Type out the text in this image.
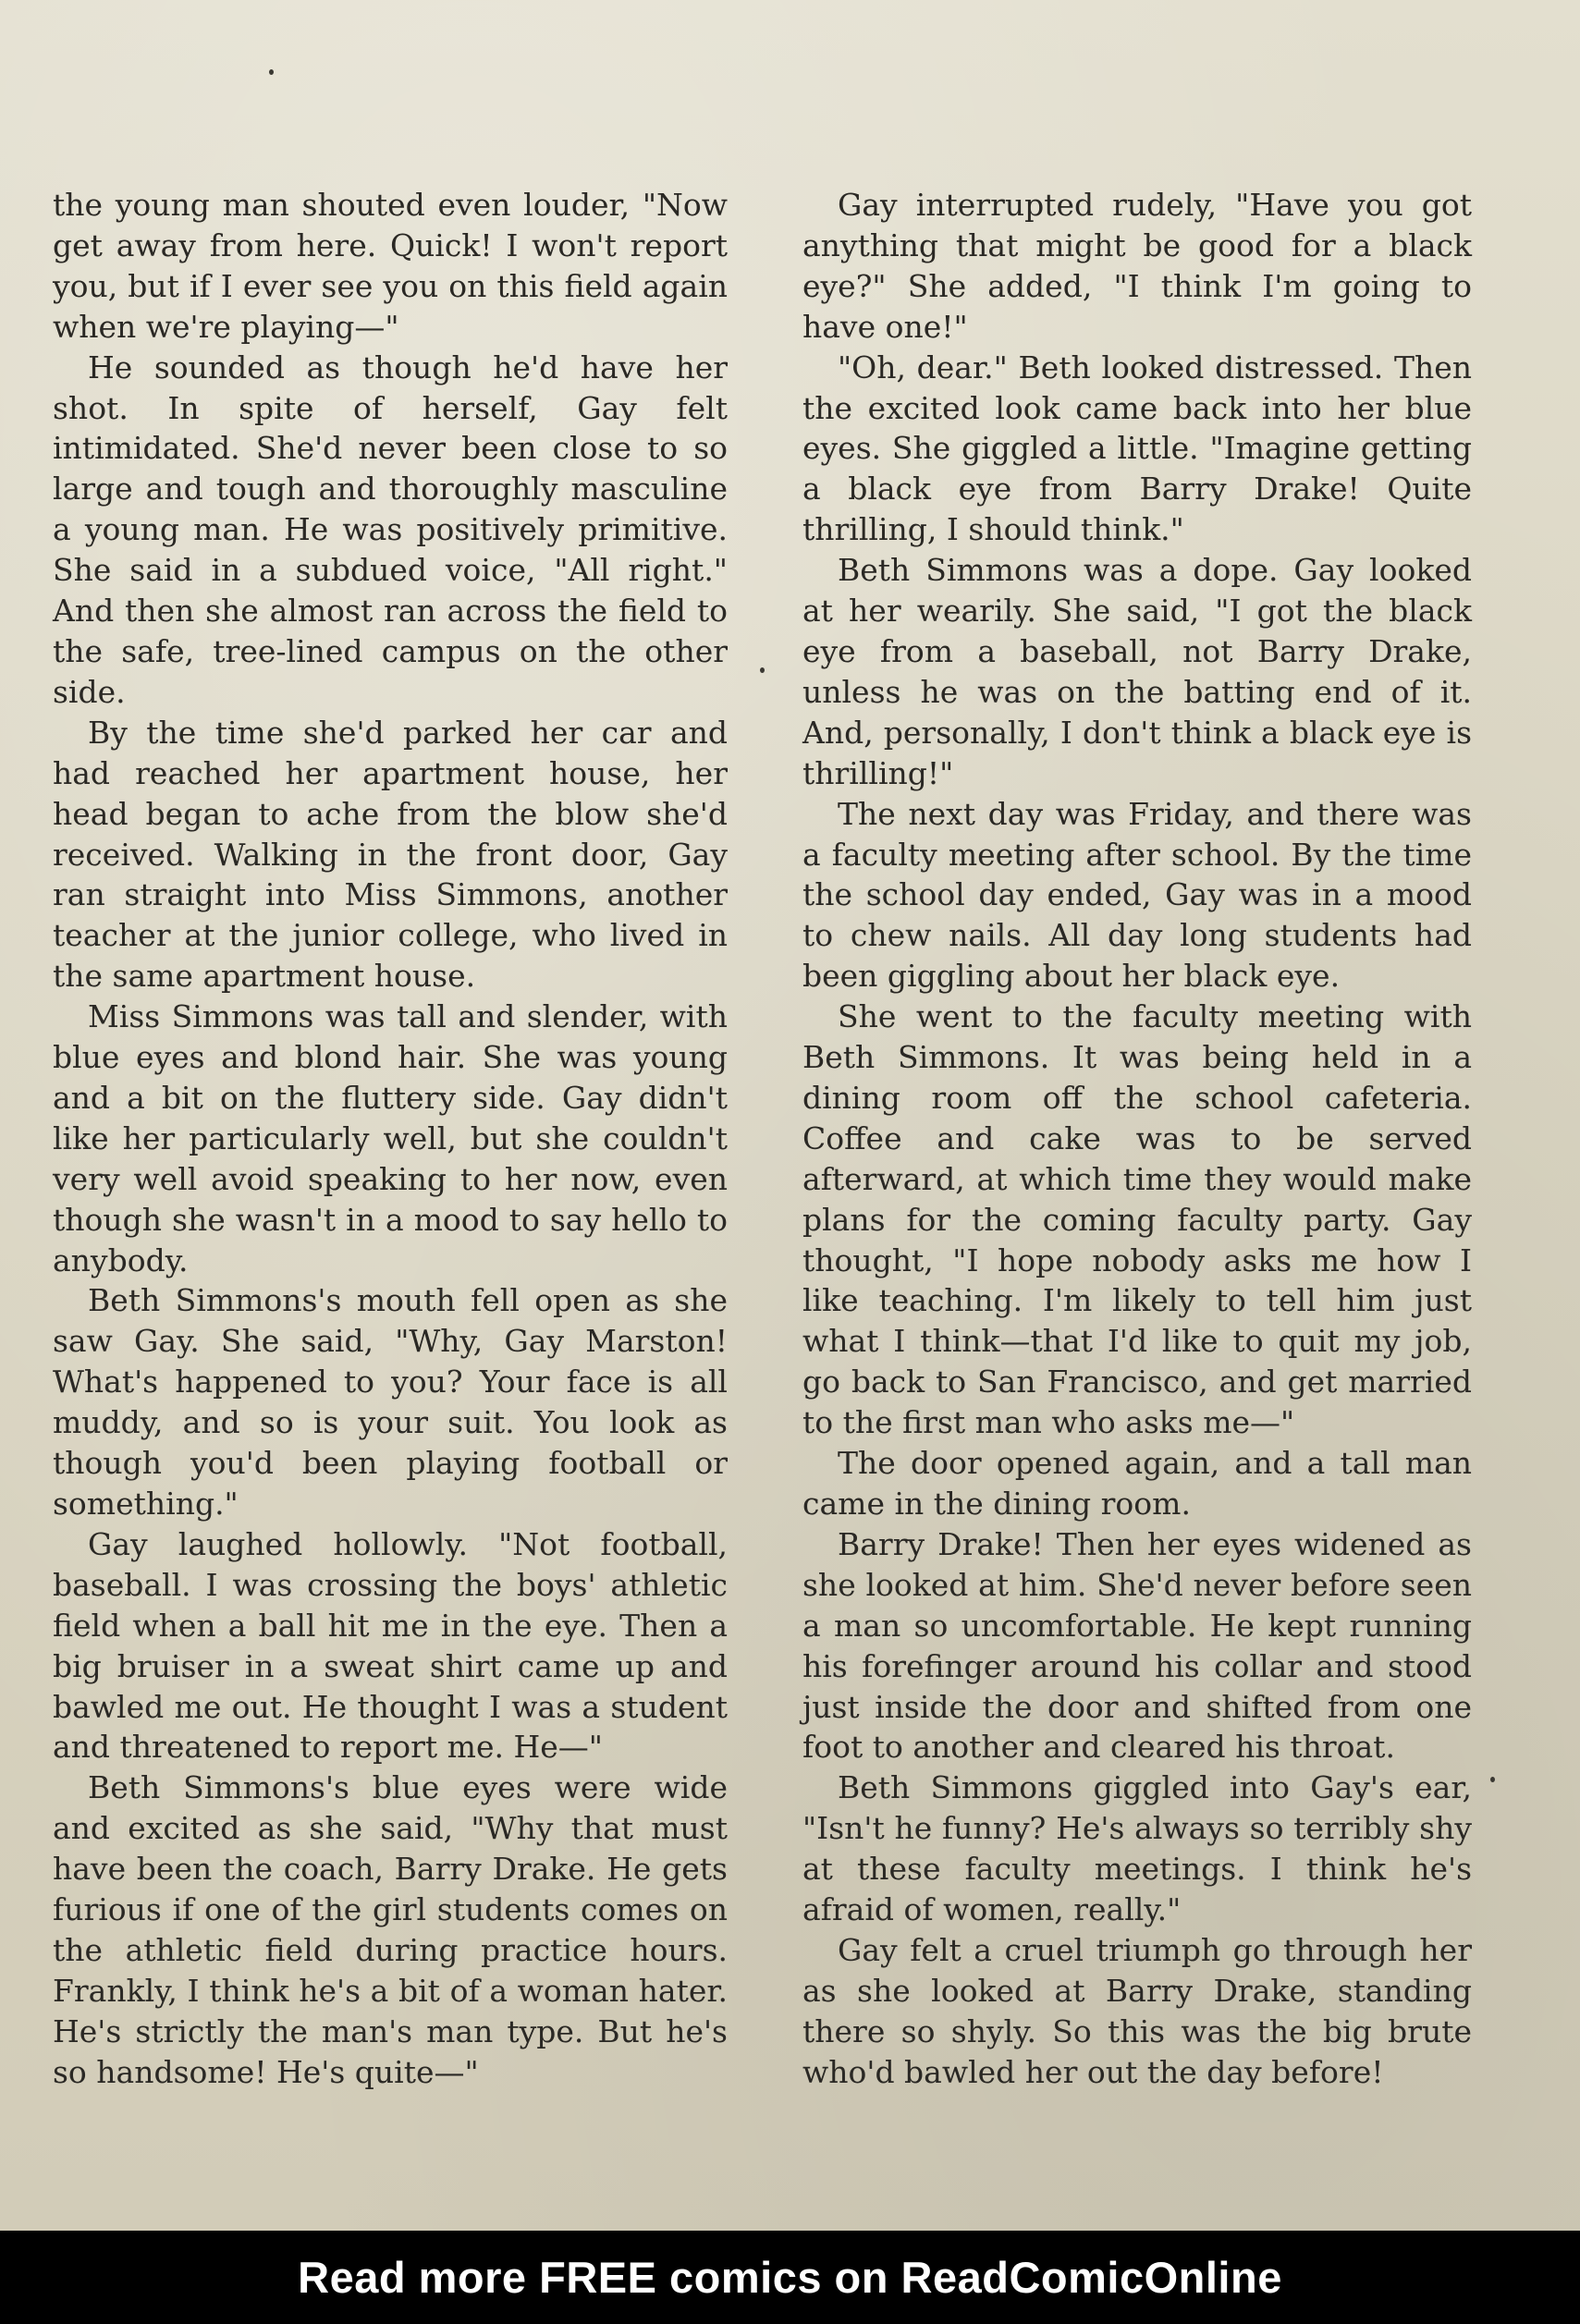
the young man shouted even louder, "Now get away from here. Quick! I won't report you, but if I ever see you on this field again when we're playing—"

He sounded as though he'd have her shot. In spite of herself, Gay felt intimidated. She'd never been close to so large and tough and thoroughly masculine a young man. He was positively primitive. She said in a subdued voice, "All right." And then she almost ran across the field to the safe, tree-lined campus on the other side.

By the time she'd parked her car and had reached her apartment house, her head began to ache from the blow she'd received. Walking in the front door, Gay ran straight into Miss Simmons, another teacher at the junior college, who lived in the same apartment house.

Miss Simmons was tall and slender, with blue eyes and blond hair. She was young and a bit on the fluttery side. Gay didn't like her particularly well, but she couldn't very well avoid speaking to her now, even though she wasn't in a mood to say hello to anybody.

Beth Simmons's mouth fell open as she saw Gay. She said, "Why, Gay Marston! What's happened to you? Your face is all muddy, and so is your suit. You look as though you'd been playing football or something."

Gay laughed hollowly. "Not football, baseball. I was crossing the boys' athletic field when a ball hit me in the eye. Then a big bruiser in a sweat shirt came up and bawled me out. He thought I was a student and threatened to report me. He—"

Beth Simmons's blue eyes were wide and excited as she said, "Why that must have been the coach, Barry Drake. He gets furious if one of the girl students comes on the athletic field during practice hours. Frankly, I think he's a bit of a woman hater. He's strictly the man's man type. But he's so handsome! He's quite—"

Gay interrupted rudely, "Have you got anything that might be good for a black eye?" She added, "I think I'm going to have one!"

"Oh, dear." Beth looked distressed. Then the excited look came back into her blue eyes. She giggled a little. "Imagine getting a black eye from Barry Drake! Quite thrilling, I should think."

Beth Simmons was a dope. Gay looked at her wearily. She said, "I got the black eye from a baseball, not Barry Drake, unless he was on the batting end of it. And, personally, I don't think a black eye is thrilling!"

The next day was Friday, and there was a faculty meeting after school. By the time the school day ended, Gay was in a mood to chew nails. All day long students had been giggling about her black eye.

She went to the faculty meeting with Beth Simmons. It was being held in a dining room off the school cafeteria. Coffee and cake was to be served afterward, at which time they would make plans for the coming faculty party. Gay thought, "I hope nobody asks me how I like teaching. I'm likely to tell him just what I think—that I'd like to quit my job, go back to San Francisco, and get married to the first man who asks me—"

The door opened again, and a tall man came in the dining room.

Barry Drake! Then her eyes widened as she looked at him. She'd never before seen a man so uncomfortable. He kept running his forefinger around his collar and stood just inside the door and shifted from one foot to another and cleared his throat.

Beth Simmons giggled into Gay's ear, "Isn't he funny? He's always so terribly shy at these faculty meetings. I think he's afraid of women, really."

Gay felt a cruel triumph go through her as she looked at Barry Drake, standing there so shyly. So this was the big brute who'd bawled her out the day before!

Read more FREE comics on ReadComicOnline
